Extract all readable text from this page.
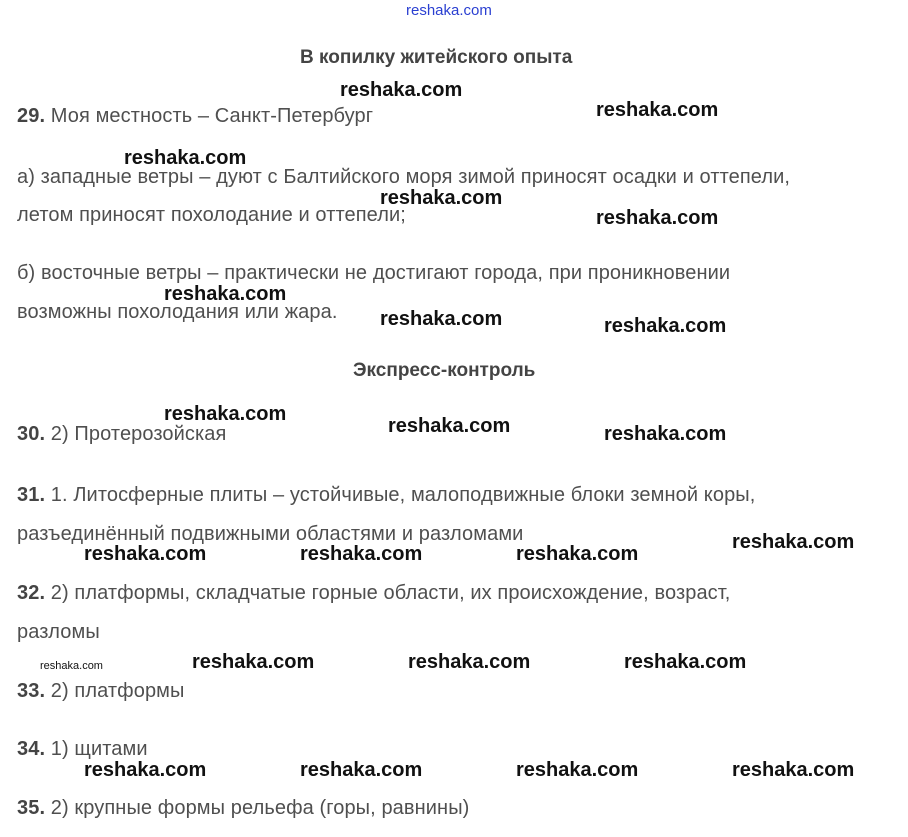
reshaka.com
В копилку житейского опыта
29. Моя местность – Санкт-Петербург
а) западные ветры – дуют с Балтийского моря зимой приносят осадки и оттепели,
летом приносят похолодание и оттепели;
б) восточные ветры – практически не достигают города, при проникновении
возможны похолодания или жара.
Экспресс-контроль
30. 2) Протерозойская
31. 1. Литосферные плиты – устойчивые, малоподвижные блоки земной коры,
разъединённый подвижными областями и разломами
32. 2) платформы, складчатые горные области, их происхождение, возраст,
разломы
33. 2) платформы
34. 1) щитами
35. 2) крупные формы рельефа (горы, равнины)
reshaka.com
reshaka.com
reshaka.com
reshaka.com
reshaka.com
reshaka.com
reshaka.com	reshaka.com
reshaka.com
reshaka.com	reshaka.com
reshaka.com
reshaka.com	reshaka.com	reshaka.com
reshaka.com	reshaka.com	reshaka.com	reshaka.com
reshaka.com	reshaka.com	reshaka.com	reshaka.com
